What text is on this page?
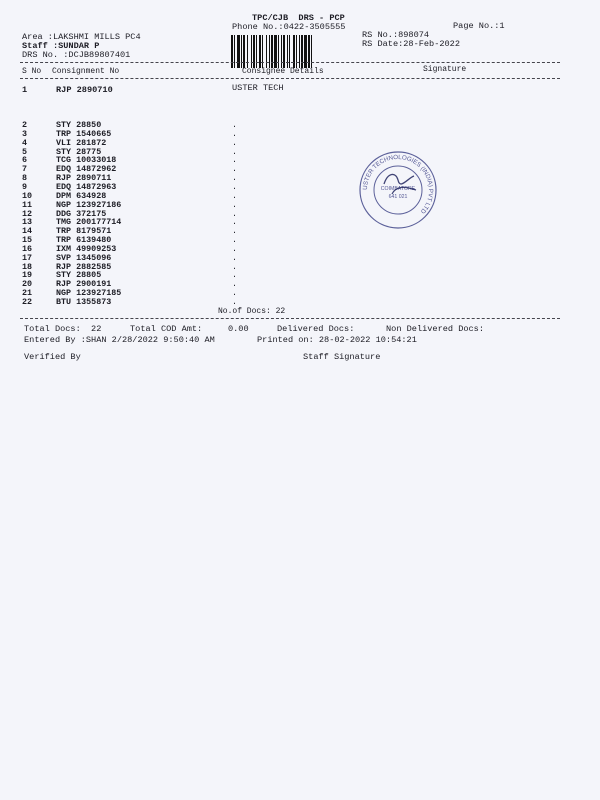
TPC/CJB  DRS - PCP
Phone No.:0422-3505555	Page No.:1
Area :LAKSHMI MILLS PC4
Staff :SUNDAR P
DRS No. :DCJB89807401
RS No.:898074
RS Date:28-Feb-2022
S No Consignment No	Consignee Details	Signature
1	RJP 2890710	USTER TECH
2	STY 28850	.
3	TRP 1540665	.
4	VLI 281872	.
5	STY 28775	.
6	TCG 10033018	.
7	EDQ 14872962	.
8	RJP 2890711	.
9	EDQ 14872963	.
10	DPM 634928	.
11	NGP 123927186	.
12	DDG 372175	.
13	TMG 200177714	.
14	TRP 8179571	.
15	TRP 6139480	.
16	IXM 49909253	.
17	SVP 1345096	.
18	RJP 2882585	.
19	STY 28805	.
20	RJP 2900191	.
21	NGP 123927185	.
22	BTU 1355873	.
No.of Docs: 22
Total Docs:  22	Total COD Amt:     0.00	Delivered Docs:	Non Delivered Docs:
Entered By :SHAN 2/28/2022 9:50:40 AM	Printed on: 28-02-2022 10:54:21
Verified By	Staff Signature
USTER TECHNOLOGIES (INDIA) PVT LTD
COIMBATORE
641 021
